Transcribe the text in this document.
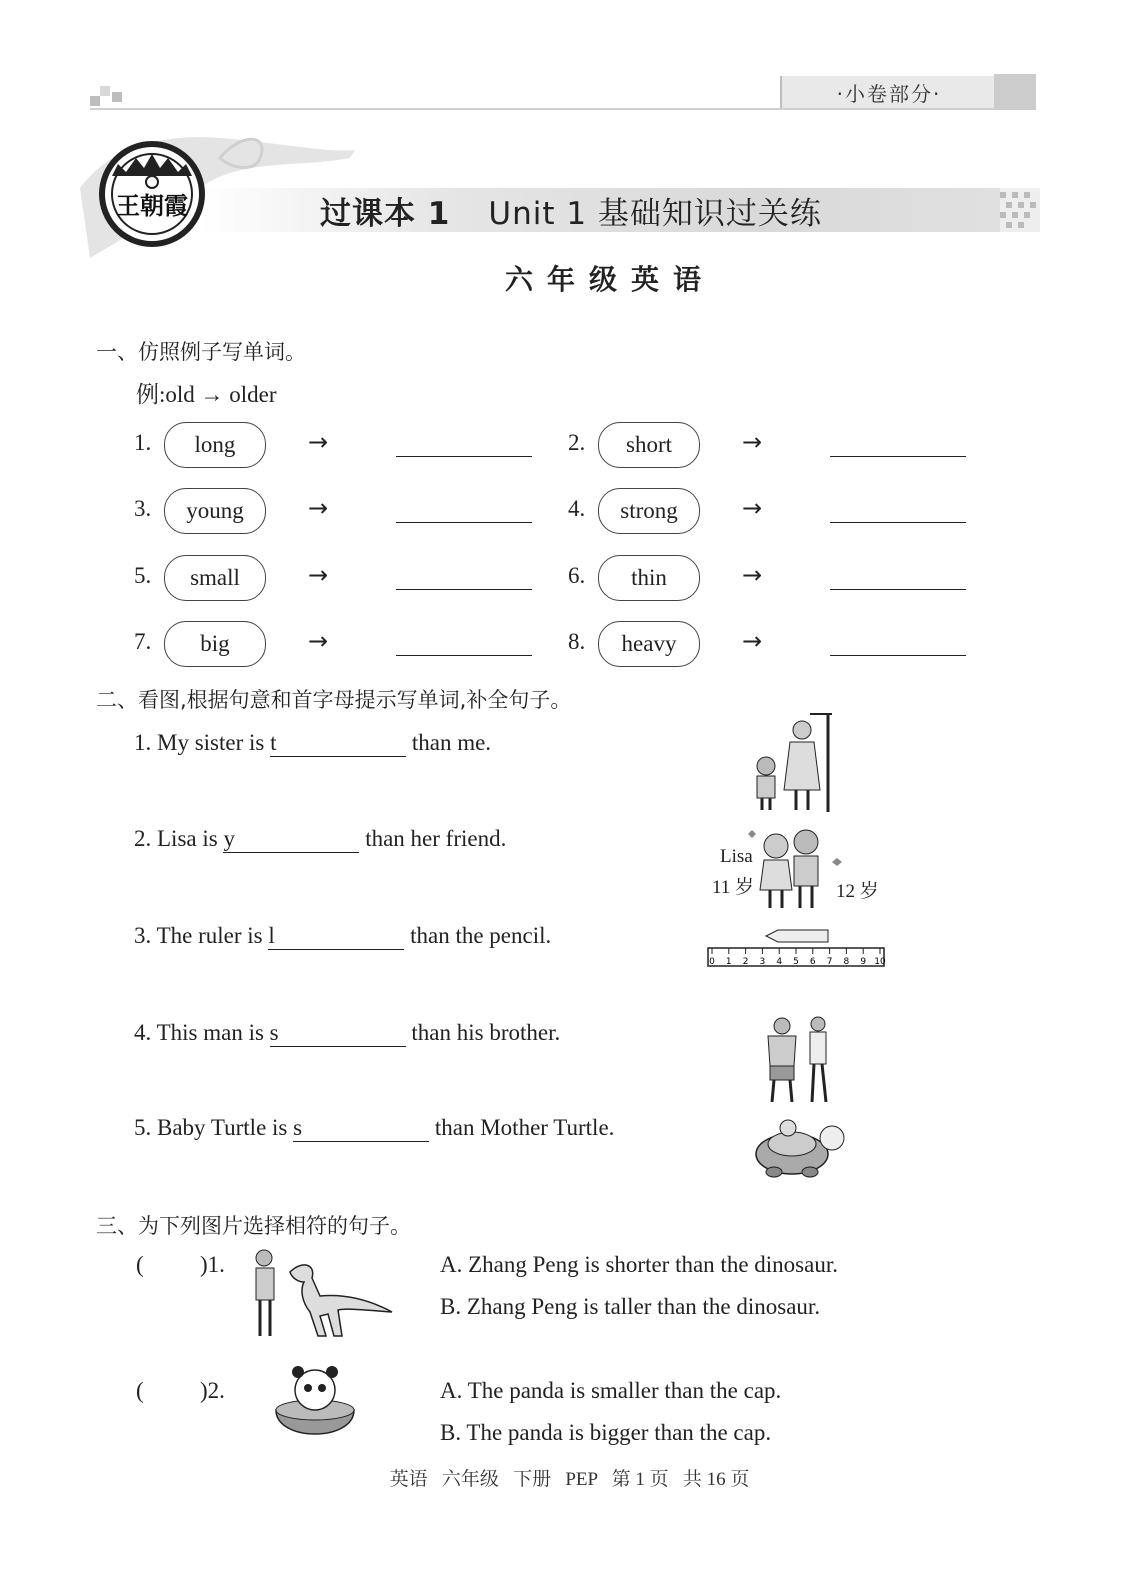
·小卷部分·
王朝霞	过课本 1 Unit 1 基础知识过关练
六年级英语
一、仿照例子写单词。
例:old → older
1.	long	→	2.	short	→
3.	young	→	4.	strong	→
5.	small	→	6.	thin	→
7.	big	→	8.	heavy	→
二、看图,根据句意和首字母提示写单词,补全句子。
1. My sister is t	than me.
2. Lisa is y	than her friend.
3. The ruler is l	than the pencil.
4. This man is s	than his brother.
5. Baby Turtle is s	than Mother Turtle.
Lisa
11 岁	12 岁
0 1 2 3 4 5 6 7 8 9 10
三、为下列图片选择相符的句子。
( )1.	A. Zhang Peng is shorter than the dinosaur.
B. Zhang Peng is taller than the dinosaur.
( )2.	A. The panda is smaller than the cap.
B. The panda is bigger than the cap.
英语   六年级   下册   PEP   第 1 页   共 16 页
